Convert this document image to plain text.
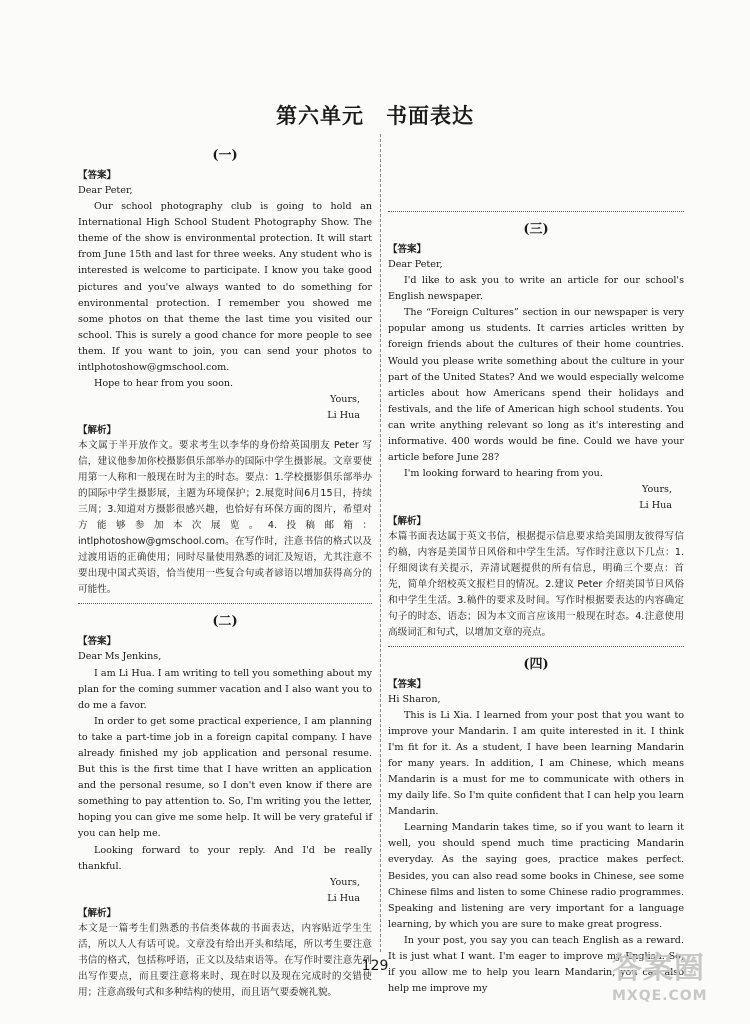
第六单元　书面表达
(一)
【答案】

Dear Peter,

Our school photography club is going to hold an International High School Student Photography Show. The theme of the show is environmental protection. It will start from June 15th and last for three weeks. Any student who is interested is welcome to participate. I know you take good pictures and you've always wanted to do something for environmental protection. I remember you showed me some photos on that theme the last time you visited our school. This is surely a good chance for more people to see them. If you want to join, you can send your photos to intlphotoshow@gmschool.com.

Hope to hear from you soon.

Yours,

Li Hua

【解析】

本文属于半开放作文。要求考生以李华的身份给英国朋友 Peter 写信，建议他参加你校摄影俱乐部举办的国际中学生摄影展。文章要使用第一人称和一般现在时为主的时态。要点：1.学校摄影俱乐部举办的国际中学生摄影展，主题为环境保护；2.展览时间6月15日，持续三周；3.知道对方摄影很感兴趣，也恰好有环保方面的图片，希望对方能够参加本次展览。4.投稿邮箱：intlphotoshow@gmschool.com。在写作时，注意书信的格式以及过渡用语的正确使用；同时尽量使用熟悉的词汇及短语，尤其注意不要出现中国式英语，恰当使用一些复合句或者谚语以增加获得高分的可能性。

(二)
【答案】

Dear Ms Jenkins,

I am Li Hua. I am writing to tell you something about my plan for the coming summer vacation and I also want you to do me a favor.

In order to get some practical experience, I am planning to take a part-time job in a foreign capital company. I have already finished my job application and personal resume. But this is the first time that I have written an application and the personal resume, so I don't even know if there are something to pay attention to. So, I'm writing you the letter, hoping you can give me some help. It will be very grateful if you can help me.

Looking forward to your reply. And I'd be really thankful.

Yours,

Li Hua

【解析】

本文是一篇考生们熟悉的书信类体裁的书面表达，内容贴近学生生活，所以人人有话可说。文章没有给出开头和结尾，所以考生要注意书信的格式，包括称呼语，正文以及结束语等。在写作时要注意先列出写作要点，而且要注意将来时、现在时以及现在完成时的交错使用；注意高级句式和多种结构的使用，而且语气要委婉礼貌。

(三)
【答案】

Dear Peter,

I'd like to ask you to write an article for our school's English newspaper.

The “Foreign Cultures” section in our newspaper is very popular among us students. It carries articles written by foreign friends about the cultures of their home countries. Would you please write something about the culture in your part of the United States? And we would especially welcome articles about how Americans spend their holidays and festivals, and the life of American high school students. You can write anything relevant so long as it's interesting and informative. 400 words would be fine. Could we have your article before June 28?

I'm looking forward to hearing from you.

Yours,

Li Hua

【解析】

本篇书面表达属于英文书信，根据提示信息要求给美国朋友彼得写信约稿，内容是美国节日风俗和中学生生活。写作时注意以下几点：1.仔细阅读有关提示，弄清试题提供的所有信息，明确三个要点：首先，简单介绍校英文报栏目的情况。2.建议 Peter 介绍美国节日风俗和中学生生活。3.稿件的要求及时间。写作时根据要表达的内容确定句子的时态、语态；因为本文而言应该用一般现在时态。4.注意使用高级词汇和句式，以增加文章的亮点。

(四)
【答案】

Hi Sharon,

This is Li Xia. I learned from your post that you want to improve your Mandarin. I am quite interested in it. I think I'm fit for it. As a student, I have been learning Mandarin for many years. In addition, I am Chinese, which means Mandarin is a must for me to communicate with others in my daily life. So I'm quite confident that I can help you learn Mandarin.

Learning Mandarin takes time, so if you want to learn it well, you should spend much time practicing Mandarin everyday. As the saying goes, practice makes perfect. Besides, you can also read some books in Chinese, see some Chinese films and listen to some Chinese radio programmes. Speaking and listening are very important for a language learning, by which you are sure to make great progress.

In your post, you say you can teach English as a reward. It is just what I want. I'm eager to improve my English. So, if you allow me to help you learn Mandarin, you can also help me improve my

129	答案圈
MXQE.COM
